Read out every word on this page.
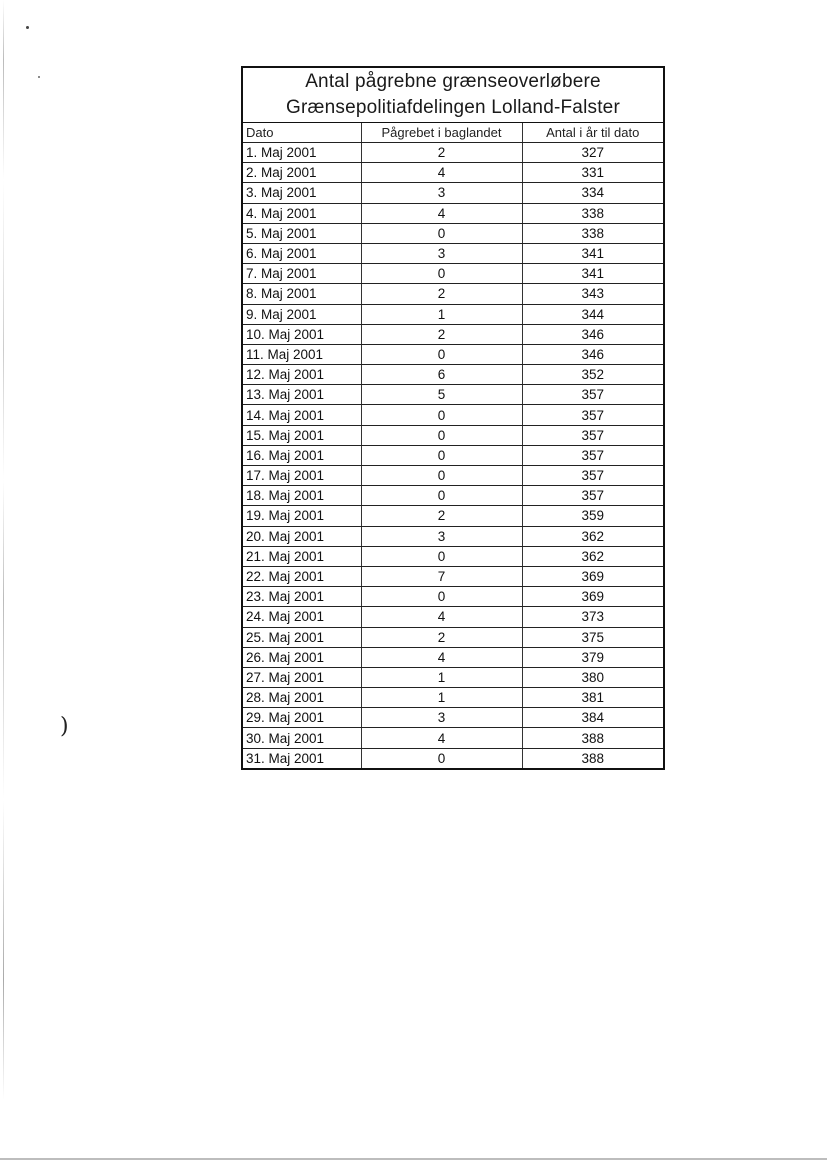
)
Antal pågrebne grænseoverløbere
Grænsepolitiafdelingen Lolland-Falster
Dato	Pågrebet i baglandet	Antal i år til dato
1. Maj 2001	2	327
2. Maj 2001	4	331
3. Maj 2001	3	334
4. Maj 2001	4	338
5. Maj 2001	0	338
6. Maj 2001	3	341
7. Maj 2001	0	341
8. Maj 2001	2	343
9. Maj 2001	1	344
10. Maj 2001	2	346
11. Maj 2001	0	346
12. Maj 2001	6	352
13. Maj 2001	5	357
14. Maj 2001	0	357
15. Maj 2001	0	357
16. Maj 2001	0	357
17. Maj 2001	0	357
18. Maj 2001	0	357
19. Maj 2001	2	359
20. Maj 2001	3	362
21. Maj 2001	0	362
22. Maj 2001	7	369
23. Maj 2001	0	369
24. Maj 2001	4	373
25. Maj 2001	2	375
26. Maj 2001	4	379
27. Maj 2001	1	380
28. Maj 2001	1	381
29. Maj 2001	3	384
30. Maj 2001	4	388
31. Maj 2001	0	388
